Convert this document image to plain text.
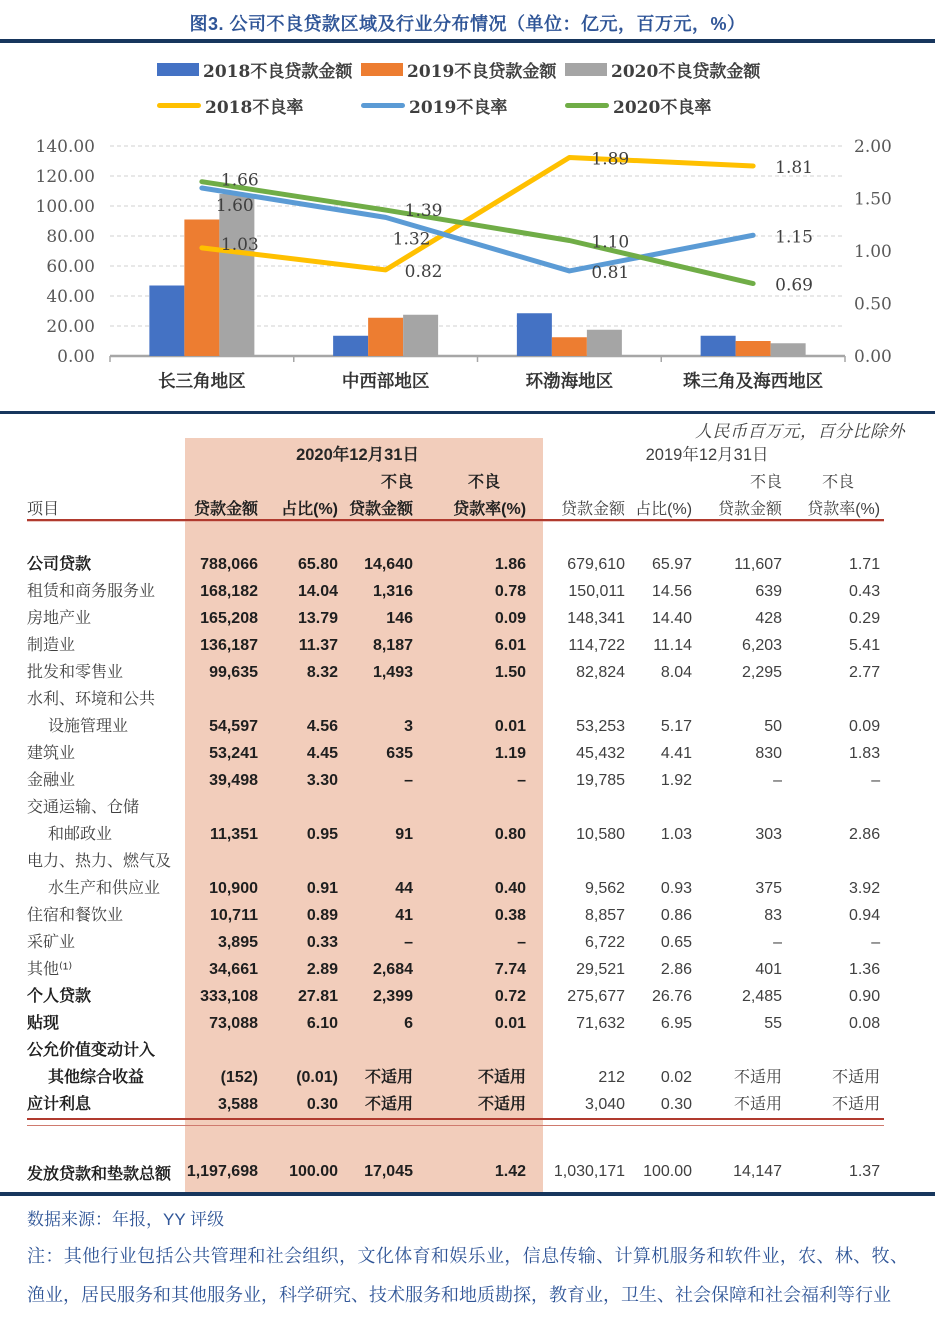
图3. 公司不良贷款区域及行业分布情况（单位：亿元，百万元，%）
2018不良贷款金额	2019不良贷款金额	2020不良贷款金额
2018不良率	2019不良率	2020不良率
0.00
20.00
40.00
60.00
80.00
100.00
120.00
140.00
0.00
0.50
1.00
1.50
2.00
1.03
0.82
1.89	1.81
1.60
1.32
0.81
1.15
1.66
1.39
1.10
0.69
长三角地区	中西部地区	环渤海地区	珠三角及海西地区
人民币百万元，百分比除外
	2020年12月31日				2019年12月31日			
			不良	不良			不良	不良
项目	贷款金额	占比(%)	贷款金额	贷款率(%)	贷款金额	占比(%)	贷款金额	贷款率(%)

公司贷款	788,066	65.80	14,640	1.86	679,610	65.97	11,607	1.71

租赁和商务服务业	168,182	14.04	1,316	0.78	150,011	14.56	639	0.43

房地产业	165,208	13.79	146	0.09	148,341	14.40	428	0.29

制造业	136,187	11.37	8,187	6.01	114,722	11.14	6,203	5.41

批发和零售业	99,635	8.32	1,493	1.50	82,824	8.04	2,295	2.77

水利、环境和公共
设施管理业	54,597	4.56	3	0.01	53,253	5.17	50	0.09

建筑业	53,241	4.45	635	1.19	45,432	4.41	830	1.83

金融业	39,498	3.30	–	–	19,785	1.92	–	–

交通运输、仓储
和邮政业	11,351	0.95	91	0.80	10,580	1.03	303	2.86

电力、热力、燃气及
水生产和供应业	10,900	0.91	44	0.40	9,562	0.93	375	3.92

住宿和餐饮业	10,711	0.89	41	0.38	8,857	0.86	83	0.94

采矿业	3,895	0.33	–	–	6,722	0.65	–	–

其他⁽¹⁾	34,661	2.89	2,684	7.74	29,521	2.86	401	1.36

个人贷款	333,108	27.81	2,399	0.72	275,677	26.76	2,485	0.90

贴现	73,088	6.10	6	0.01	71,632	6.95	55	0.08

公允价值变动计入
其他综合收益	(152)	(0.01)	不适用	不适用	212	0.02	不适用	不适用

应计利息	3,588	0.30	不适用	不适用	3,040	0.30	不适用	不适用

发放贷款和垫款总额	1,197,698	100.00	17,045	1.42	1,030,171	100.00	14,147	1.37
数据来源：年报，YY 评级
注：其他行业包括公共管理和社会组织，文化体育和娱乐业，信息传输、计算机服务和软件业，农、林、牧、渔业，居民服务和其他服务业，科学研究、技术服务和地质勘探，教育业，卫生、社会保障和社会福利等行业
